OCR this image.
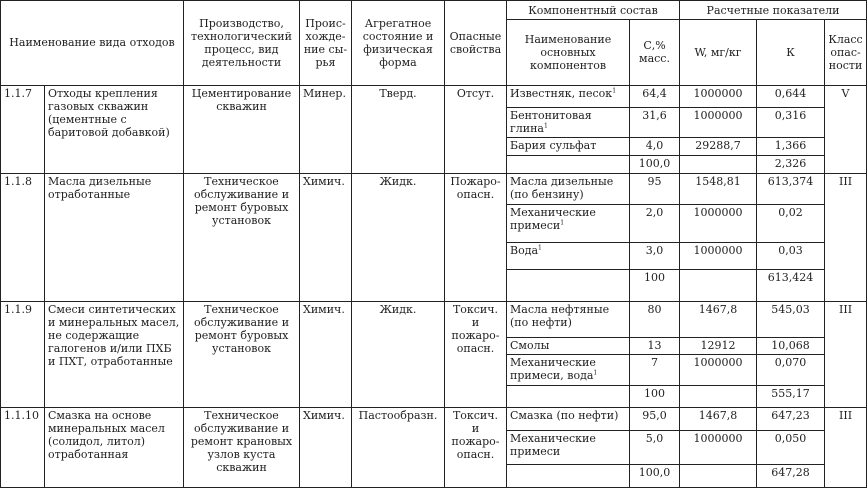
Наименование вида отходов		Производство, технологический процесс, вид деятельности	Проис-хожде-ние сы-рья	Агрегатное состояние и физическая форма	Опасные свойства	Компонентный состав		Расчетные показатели		
						Наименование основных компонентов	С,% масс.	W, мг/кг	К	Класс опас-ности
1.1.7	Отходы крепления газовых скважин (цементные с баритовой добавкой)	Цементирование скважин	Минер.	Тверд.	Отсут.	Известняк, песок$^1$	64,4	1000000	0,644	V
						Бентонитовая глина$^1$	31,6	1000000	0,316	
						Бария сульфат	4,0	29288,7	1,366	
							100,0		2,326	
1.1.8	Масла дизельные отработанные	Техническое обслуживание и ремонт буровых установок	Химич.	Жидк.	Пожаро-опасн.	Масла дизельные (по бензину)	95	1548,81	613,374	III
						Механические примеси$^1$	2,0	1000000	0,02	
						Вода$^1$	3,0	1000000	0,03	
							100		613,424	
1.1.9	Смеси синтетических и минеральных масел, не содержащие галогенов и/или ПХБ и ПХТ, отработанные	Техническое обслуживание и ремонт буровых установок	Химич.	Жидк.	Токсич. и пожаро-опасн.	Масла нефтяные (по нефти)	80	1467,8	545,03	III
						Смолы	13	12912	10,068	
						Механические примеси, вода$^1$	7	1000000	0,070	
							100		555,17	
1.1.10	Смазка на основе минеральных масел (солидол, литол) отработанная	Техническое обслуживание и ремонт крановых узлов куста скважин	Химич.	Пастообразн.	Токсич. и пожаро-опасн.	Смазка (по нефти)	95,0	1467,8	647,23	III
						Механические примеси	5,0	1000000	0,050	
							100,0		647,28	
